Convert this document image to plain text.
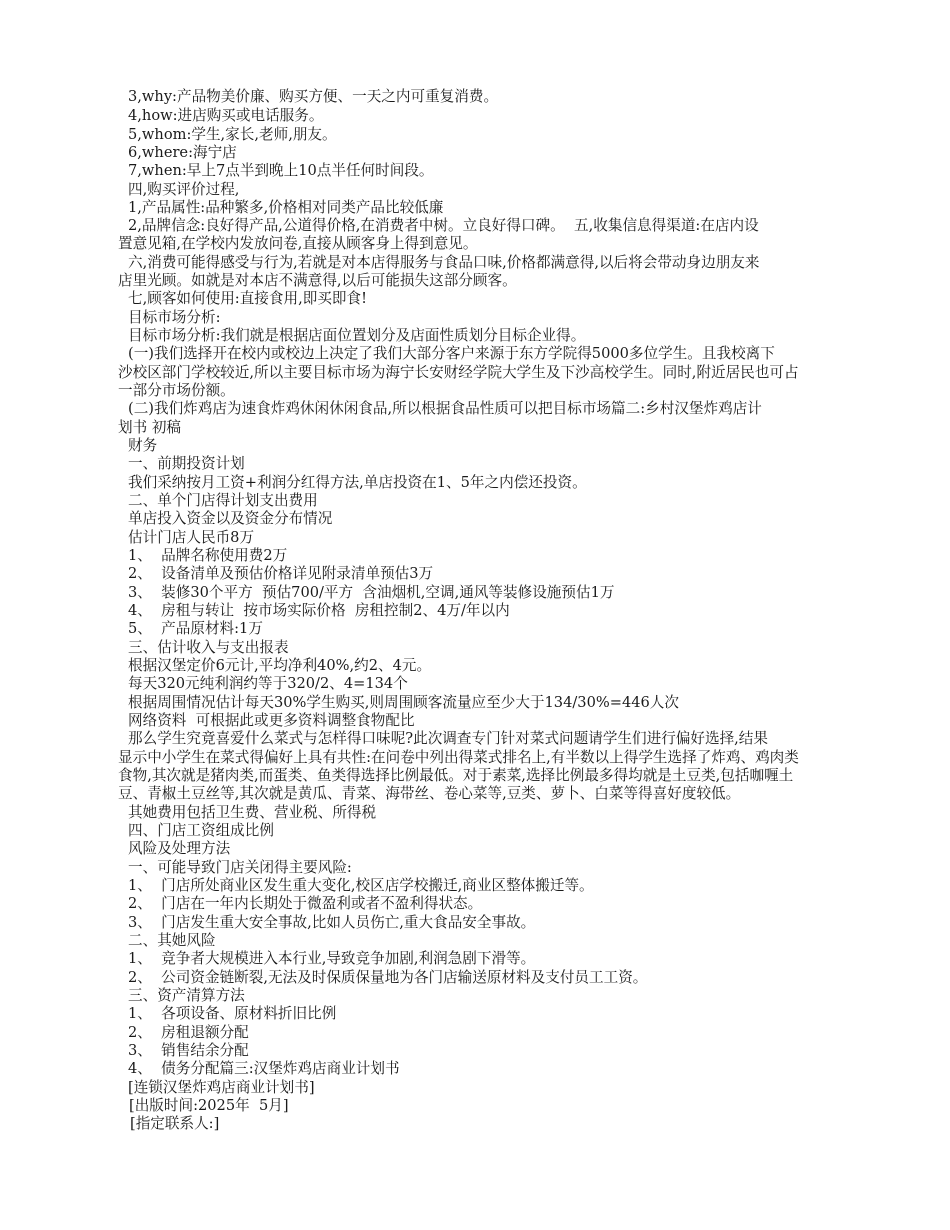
3,why:产品物美价廉、购买方便、一天之内可重复消费。
4,how:进店购买或电话服务。
5,whom:学生,家长,老师,朋友。
6,where:海宁店
7,when:早上7点半到晚上10点半任何时间段。
四,购买评价过程,
1,产品属性:品种繁多,价格相对同类产品比较低廉
2,品牌信念:良好得产品,公道得价格,在消费者中树。立良好得口碑。  五,收集信息得渠道:在店内设
置意见箱,在学校内发放问卷,直接从顾客身上得到意见。
六,消费可能得感受与行为,若就是对本店得服务与食品口味,价格都满意得,以后将会带动身边朋友来
店里光顾。如就是对本店不满意得,以后可能损失这部分顾客。
七,顾客如何使用:直接食用,即买即食!
目标市场分析:
目标市场分析:我们就是根据店面位置划分及店面性质划分目标企业得。
(一)我们选择开在校内或校边上决定了我们大部分客户来源于东方学院得5000多位学生。且我校离下
沙校区部门学校较近,所以主要目标市场为海宁长安财经学院大学生及下沙高校学生。同时,附近居民也可占
一部分市场份额。
(二)我们炸鸡店为速食炸鸡休闲休闲食品,所以根据食品性质可以把目标市场篇二:乡村汉堡炸鸡店计
划书 初稿
财务
一、前期投资计划
我们采纳按月工资+利润分红得方法,单店投资在1、5年之内偿还投资。
二、单个门店得计划支出费用
单店投入资金以及资金分布情况
估计门店人民币8万
1、  品牌名称使用费2万
2、  设备清单及预估价格详见附录清单预估3万
3、  装修30个平方  预估700/平方  含油烟机,空调,通风等装修设施预估1万
4、  房租与转让  按市场实际价格  房租控制2、4万/年以内
5、  产品原材料:1万
三、估计收入与支出报表
根据汉堡定价6元计,平均净利40%,约2、4元。
每天320元纯利润约等于320/2、4=134个
根据周围情况估计每天30%学生购买,则周围顾客流量应至少大于134/30%=446人次
网络资料  可根据此或更多资料调整食物配比
那么学生究竟喜爱什么菜式与怎样得口味呢?此次调查专门针对菜式问题请学生们进行偏好选择,结果
显示中小学生在菜式得偏好上具有共性:在问卷中列出得菜式排名上,有半数以上得学生选择了炸鸡、鸡肉类
食物,其次就是猪肉类,而蛋类、鱼类得选择比例最低。对于素菜,选择比例最多得均就是土豆类,包括咖喱土
豆、青椒土豆丝等,其次就是黄瓜、青菜、海带丝、卷心菜等,豆类、萝卜、白菜等得喜好度较低。
其她费用包括卫生费、营业税、所得税
四、门店工资组成比例
风险及处理方法
一、可能导致门店关闭得主要风险:
1、  门店所处商业区发生重大变化,校区店学校搬迁,商业区整体搬迁等。
2、  门店在一年内长期处于微盈利或者不盈利得状态。
3、  门店发生重大安全事故,比如人员伤亡,重大食品安全事故。
二、其她风险
1、  竞争者大规模进入本行业,导致竞争加剧,利润急剧下滑等。
2、  公司资金链断裂,无法及时保质保量地为各门店输送原材料及支付员工工资。
三、资产清算方法
1、  各项设备、原材料折旧比例
2、  房租退额分配
3、  销售结余分配
4、  债务分配篇三:汉堡炸鸡店商业计划书
[连锁汉堡炸鸡店商业计划书]
[出版时间:2025年  5月]
[指定联系人:]
